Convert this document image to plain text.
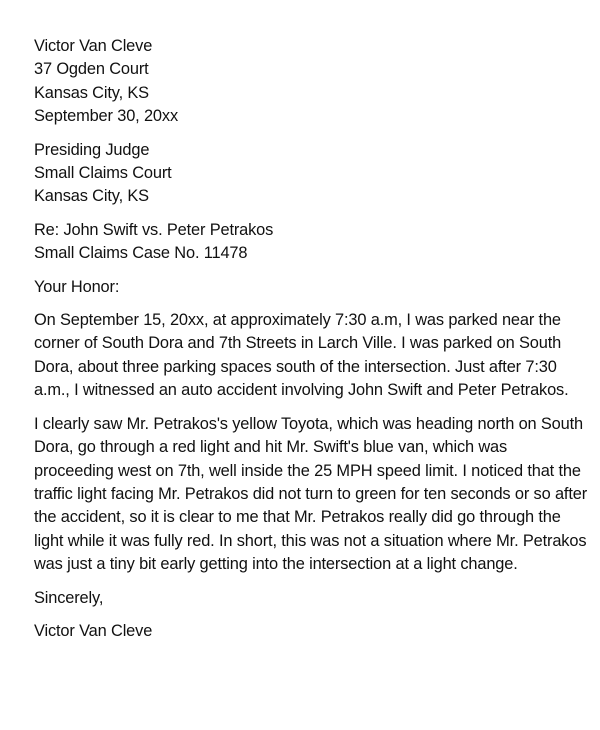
Victor Van Cleve
37 Ogden Court
Kansas City, KS
September 30, 20xx
Presiding Judge
Small Claims Court
Kansas City, KS
Re: John Swift vs. Peter Petrakos
Small Claims Case No. 11478
Your Honor:
On September 15, 20xx, at approximately 7:30 a.m, I was parked near the
corner of South Dora and 7th Streets in Larch Ville. I was parked on South
Dora, about three parking spaces south of the intersection. Just after 7:30
a.m., I witnessed an auto accident involving John Swift and Peter Petrakos.
I clearly saw Mr. Petrakos's yellow Toyota, which was heading north on South
Dora, go through a red light and hit Mr. Swift's blue van, which was
proceeding west on 7th, well inside the 25 MPH speed limit. I noticed that the
traffic light facing Mr. Petrakos did not turn to green for ten seconds or so after
the accident, so it is clear to me that Mr. Petrakos really did go through the
light while it was fully red. In short, this was not a situation where Mr. Petrakos
was just a tiny bit early getting into the intersection at a light change.
Sincerely,
Victor Van Cleve
